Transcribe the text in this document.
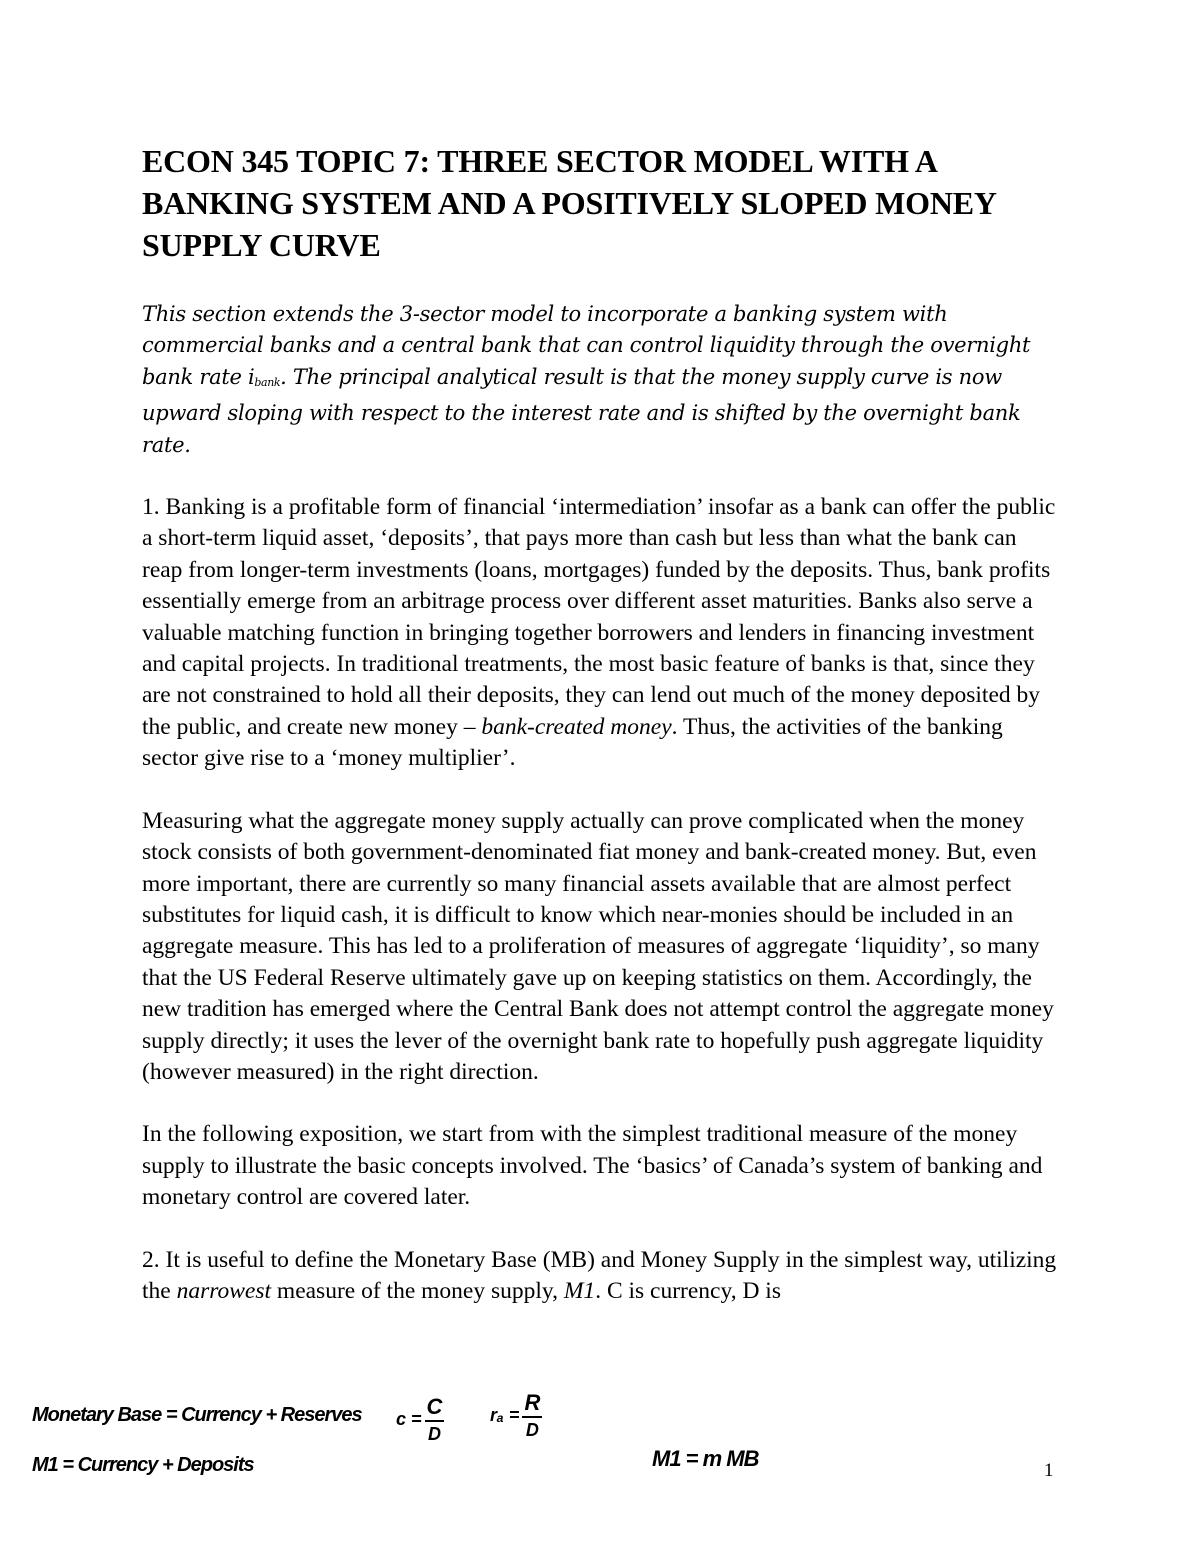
ECON 345 TOPIC 7: THREE SECTOR MODEL WITH A BANKING SYSTEM AND A POSITIVELY SLOPED MONEY SUPPLY CURVE

This section extends the 3-sector model to incorporate a banking system with commercial banks and a central bank that can control liquidity through the overnight bank rate ibank. The principal analytical result is that the money supply curve is now upward sloping with respect to the interest rate and is shifted by the overnight bank rate.

1. Banking is a profitable form of financial ‘intermediation’ insofar as a bank can offer the public a short-term liquid asset, ‘deposits’, that pays more than cash but less than what the bank can reap from longer-term investments (loans, mortgages) funded by the deposits. Thus, bank profits essentially emerge from an arbitrage process over different asset maturities. Banks also serve a valuable matching function in bringing together borrowers and lenders in financing investment and capital projects. In traditional treatments, the most basic feature of banks is that, since they are not constrained to hold all their deposits, they can lend out much of the money deposited by the public, and create new money – bank-created money. Thus, the activities of the banking sector give rise to a ‘money multiplier’.

Measuring what the aggregate money supply actually can prove complicated when the money stock consists of both government-denominated fiat money and bank-created money. But, even more important, there are currently so many financial assets available that are almost perfect substitutes for liquid cash, it is difficult to know which near-monies should be included in an aggregate measure. This has led to a proliferation of measures of aggregate ‘liquidity’, so many that the US Federal Reserve ultimately gave up on keeping statistics on them. Accordingly, the new tradition has emerged where the Central Bank does not attempt control the aggregate money supply directly; it uses the lever of the overnight bank rate to hopefully push aggregate liquidity (however measured) in the right direction.

In the following exposition, we start from with the simplest traditional measure of the money supply to illustrate the basic concepts involved. The ‘basics’ of Canada’s system of banking and monetary control are covered later.

2. It is useful to define the Monetary Base (MB) and Money Supply in the simplest way, utilizing the narrowest measure of the money supply, M1. C is currency, D is

Monetary Base = Currency + Reserves
M1 = Currency + Deposits
$c = \frac{C}{D}$	$r_a = \frac{R}{D}$
M1 = m MB	1
